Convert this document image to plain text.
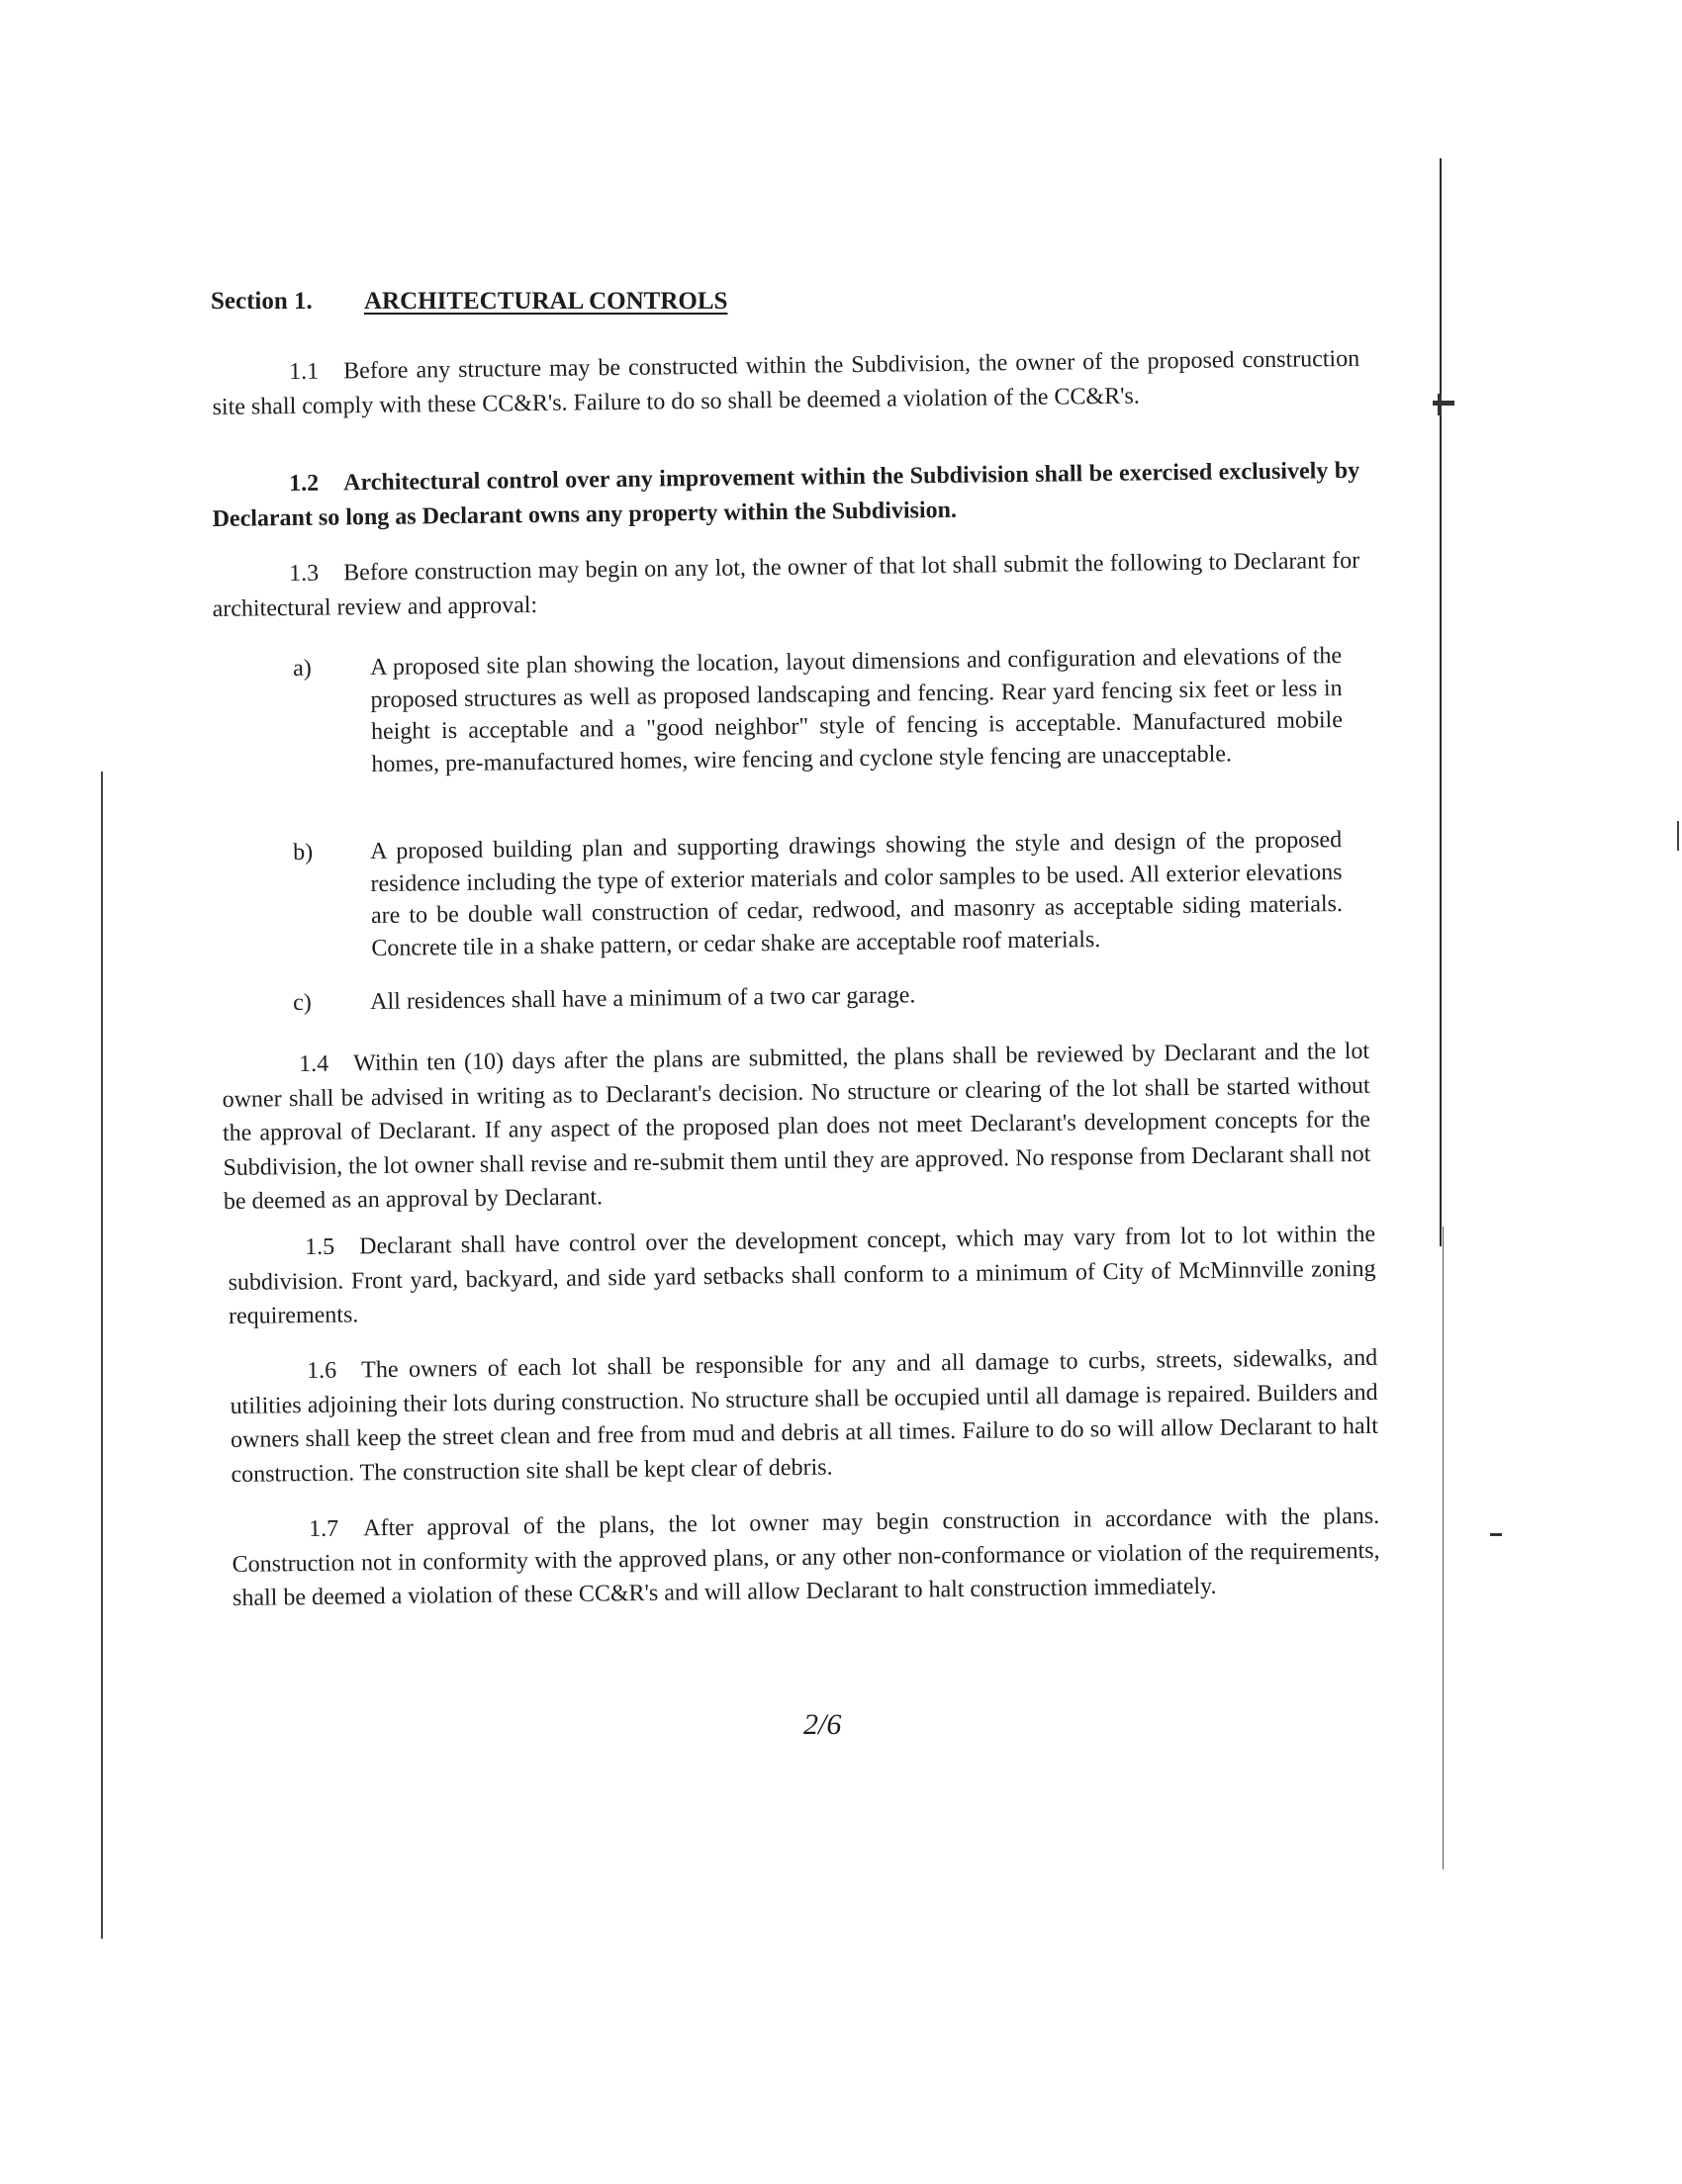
Section 1. ARCHITECTURAL CONTROLS
1.1 Before any structure may be constructed within the Subdivision, the owner of the proposed construction site shall comply with these CC&R's. Failure to do so shall be deemed a violation of the CC&R's.
1.2 Architectural control over any improvement within the Subdivision shall be exercised exclusively by Declarant so long as Declarant owns any property within the Subdivision.
1.3 Before construction may begin on any lot, the owner of that lot shall submit the following to Declarant for architectural review and approval:
a) A proposed site plan showing the location, layout dimensions and configuration and elevations of the proposed structures as well as proposed landscaping and fencing. Rear yard fencing six feet or less in height is acceptable and a "good neighbor" style of fencing is acceptable. Manufactured mobile homes, pre-manufactured homes, wire fencing and cyclone style fencing are unacceptable.
b) A proposed building plan and supporting drawings showing the style and design of the proposed residence including the type of exterior materials and color samples to be used. All exterior elevations are to be double wall construction of cedar, redwood, and masonry as acceptable siding materials. Concrete tile in a shake pattern, or cedar shake are acceptable roof materials.
c) All residences shall have a minimum of a two car garage.
1.4 Within ten (10) days after the plans are submitted, the plans shall be reviewed by Declarant and the lot owner shall be advised in writing as to Declarant's decision. No structure or clearing of the lot shall be started without the approval of Declarant. If any aspect of the proposed plan does not meet Declarant's development concepts for the Subdivision, the lot owner shall revise and re-submit them until they are approved. No response from Declarant shall not be deemed as an approval by Declarant.
1.5 Declarant shall have control over the development concept, which may vary from lot to lot within the subdivision. Front yard, backyard, and side yard setbacks shall conform to a minimum of City of McMinnville zoning requirements.
1.6 The owners of each lot shall be responsible for any and all damage to curbs, streets, sidewalks, and utilities adjoining their lots during construction. No structure shall be occupied until all damage is repaired. Builders and owners shall keep the street clean and free from mud and debris at all times. Failure to do so will allow Declarant to halt construction. The construction site shall be kept clear of debris.
1.7 After approval of the plans, the lot owner may begin construction in accordance with the plans. Construction not in conformity with the approved plans, or any other non-conformance or violation of the requirements, shall be deemed a violation of these CC&R's and will allow Declarant to halt construction immediately.
2/6
